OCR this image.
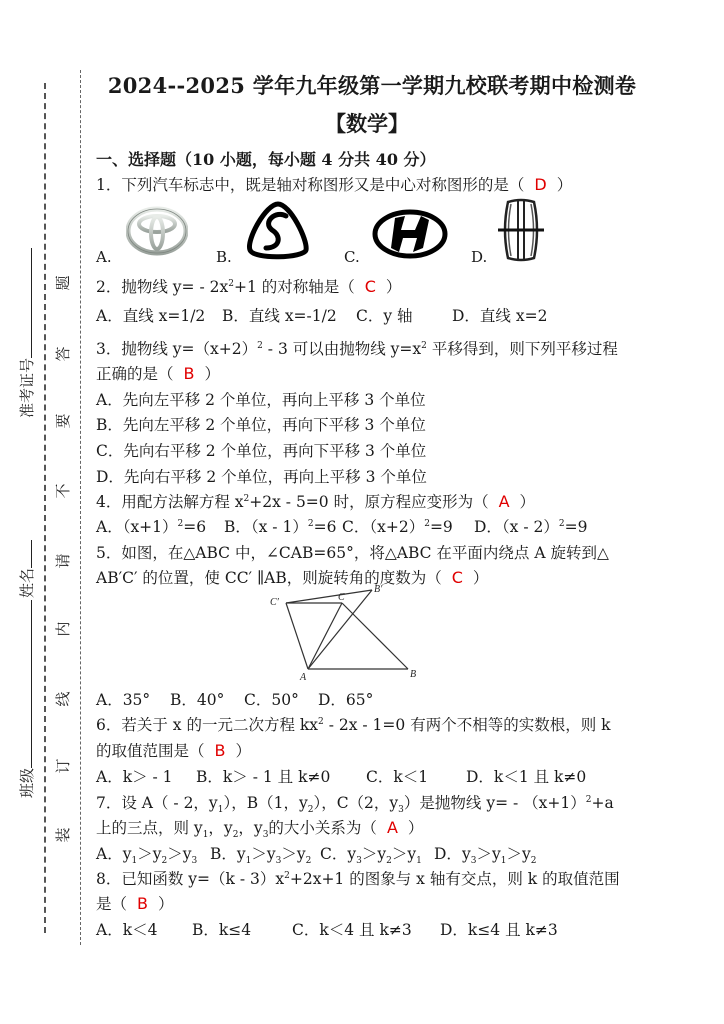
准考证号
姓名
班级
题
答
要
不
请
内
线
订
装
2024--2025 学年九年级第一学期九校联考期中检测卷
【数学】
一、选择题（10 小题，每小题 4 分共 40 分）
1．下列汽车标志中，既是轴对称图形又是中心对称图形的是（ D ）
A.	B.	C.	D.
2．抛物线 $y= - 2x^2+1$ 的对称轴是（ C ）
A．直线 x=1/2 B．直线 x=-1/2 C．y 轴	D．直线 x=2
3．抛物线 $y=(x+2)^2 - 3$ 可以由抛物线 $y=x^2$ 平移得到，则下列平移过程
正确的是（ B ）
A．先向左平移 2 个单位，再向上平移 3 个单位
B．先向左平移 2 个单位，再向下平移 3 个单位
C．先向右平移 2 个单位，再向下平移 3 个单位
D．先向右平移 2 个单位，再向上平移 3 个单位
4．用配方法解方程 $x^2+2x - 5=0$ 时，原方程应变形为（ A ）
A．$(x+1)^2=6$ B．（x - 1）$^2$=6 C．$(x+2)^2=9$ D．（x - 2）$^2$=9
5．如图，在△ABC 中，∠CAB=65°，将△ABC 在平面内绕点 A 旋转到△
AB′C′ 的位置，使 CC′ ∥AB，则旋转角的度数为（ C ）
C′	C
B′
A	B
A．35° B．40° C．50° D．65°
6．若关于 x 的一元二次方程 $kx^2 - 2x - 1=0$ 有两个不相等的实数根，则 k
的取值范围是（ B ）
A．k＞ - 1 B．k＞ - 1 且 k≠0 C．k＜1 D．k＜1 且 k≠0
7．设 A（ - 2，$y_1$），B（1，$y_2$），C（2，$y_3$）是抛物线 $y= - (x+1)^2+a$
上的三点，则 $y_1$，$y_2$，$y_3$的大小关系为（ A ）
A．$y_1>y_2>y_3$ B．$y_1>y_3>y_2$ C．$y_3>y_2>y_1$ D．$y_3>y_1>y_2$
8．已知函数 $y=(k - 3)x^2+2x+1$ 的图象与 x 轴有交点，则 k 的取值范围
是（ B ）
A．k＜4 B．k≤4	C．k＜4 且 k≠3 D．k≤4 且 k≠3
